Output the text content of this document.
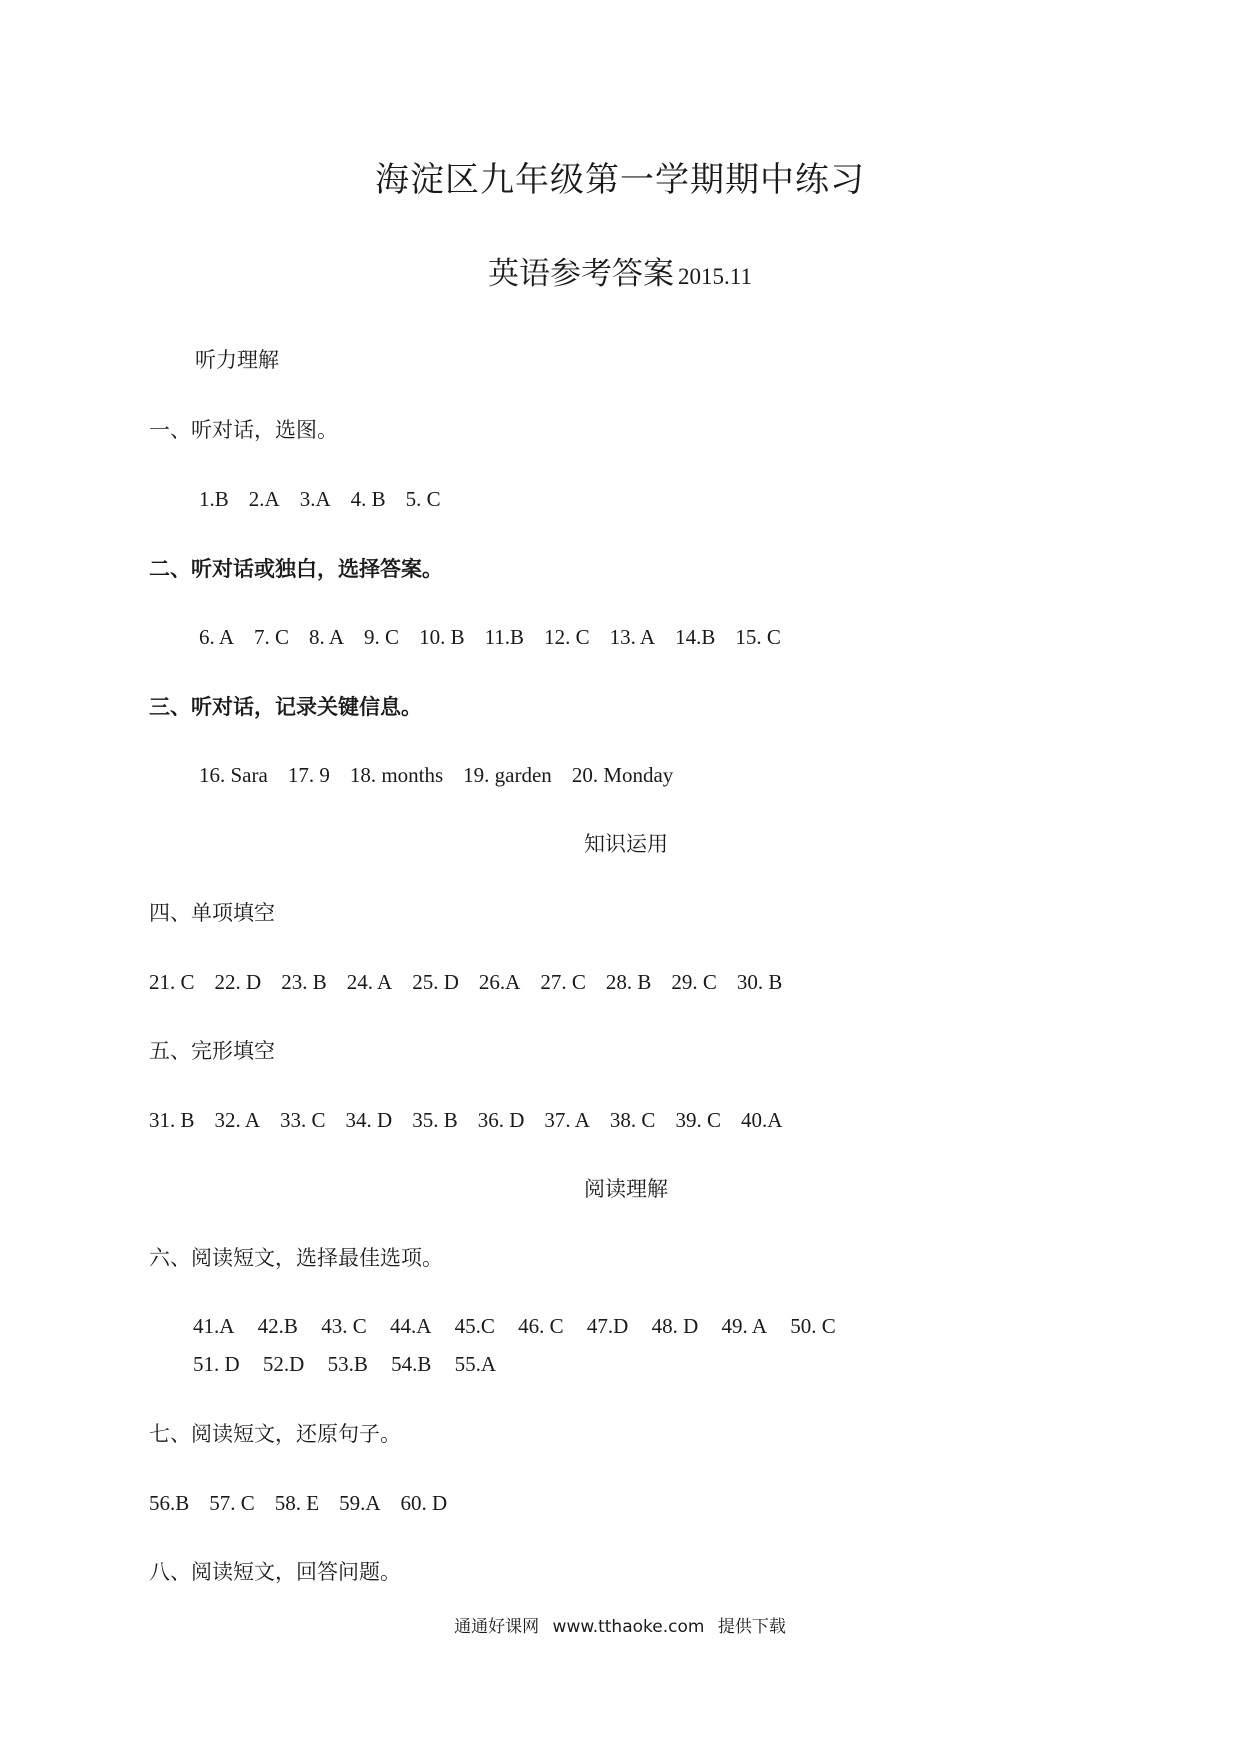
海淀区九年级第一学期期中练习
英语参考答案 2015.11
听力理解
一、听对话，选图。
1.B 2.A 3.A 4. B 5. C
二、听对话或独白，选择答案。
6. A 7. C 8. A 9. C 10. B 11.B 12. C 13. A 14.B 15. C
三、听对话，记录关键信息。
16. Sara 17. 9 18. months 19. garden 20. Monday
知识运用
四、单项填空
21. C 22. D 23. B 24. A 25. D 26.A 27. C 28. B 29. C 30. B
五、完形填空
31. B 32. A 33. C 34. D 35. B 36. D 37. A 38. C 39. C 40.A
阅读理解
六、阅读短文，选择最佳选项。
41.A 42.B 43. C 44.A 45.C 46. C 47.D 48. D 49. A 50. C 51. D 52.D 53.B 54.B 55.A
七、阅读短文，还原句子。
56.B 57. C 58. E 59.A 60. D
八、阅读短文，回答问题。
通通好课网 www.tthaoke.com 提供下载
